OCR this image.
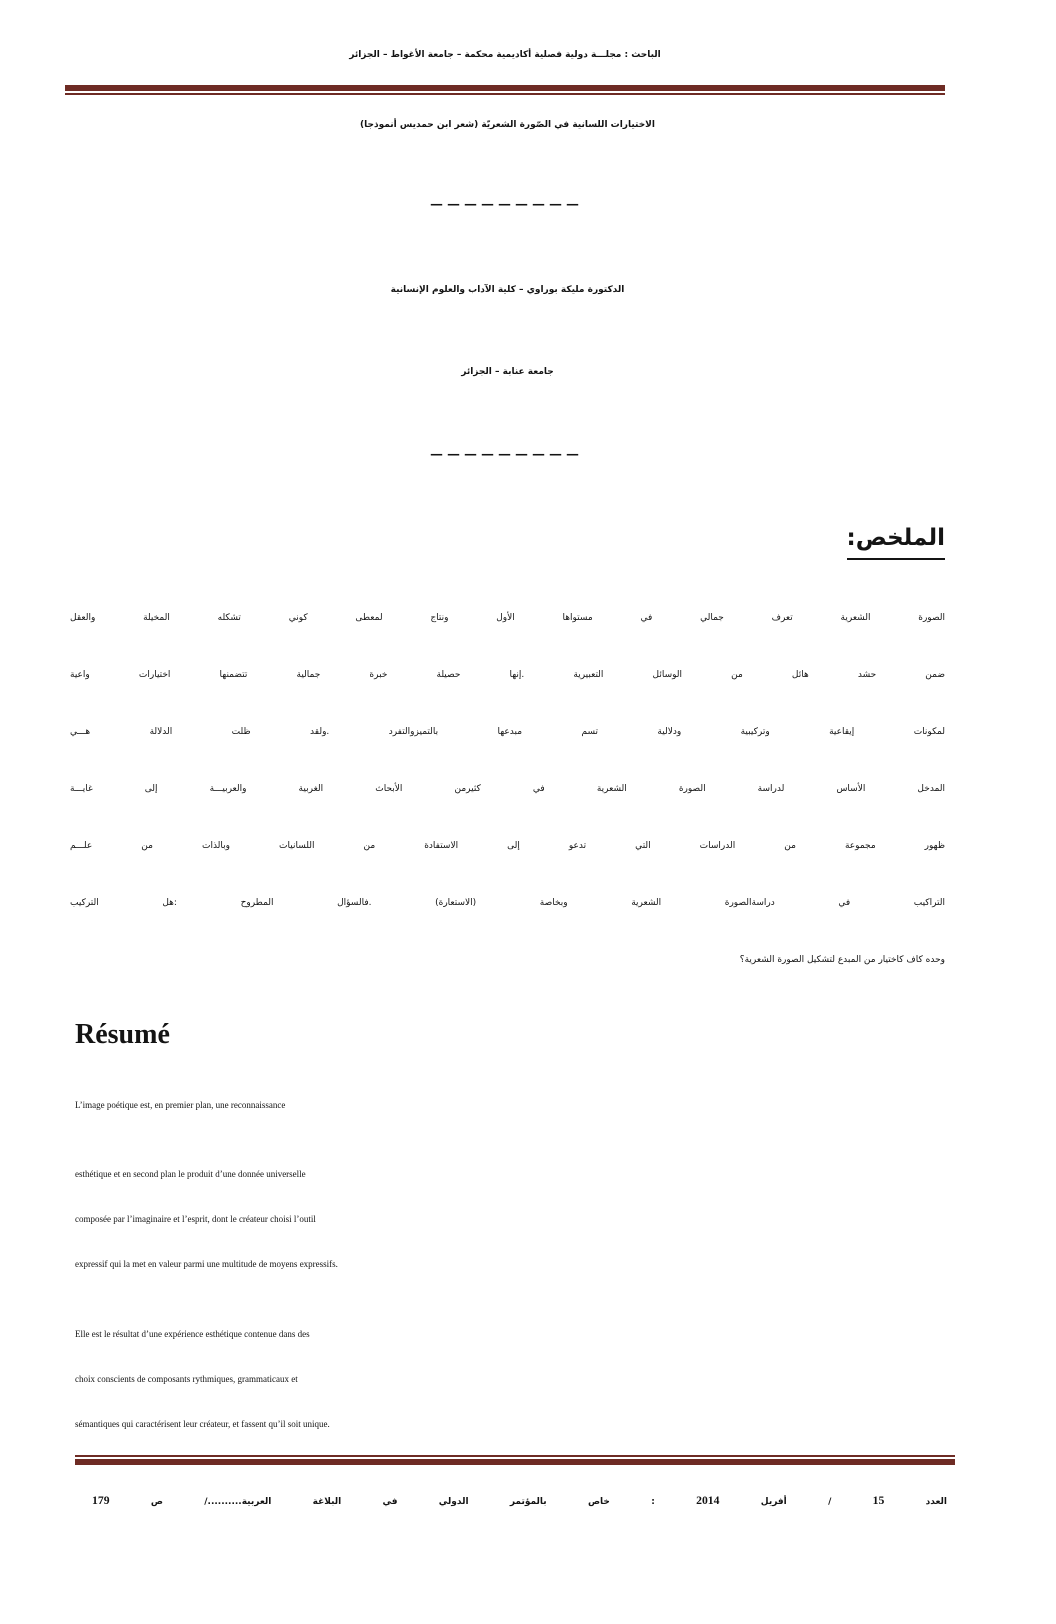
الباحث : مجلـــة دولية فصلية أكاديمية محكمة – جامعة الأغواط – الجزائر
الاختيارات اللسانية في الصّورة الشعريّة (شعر ابن حمديس أنموذجا)
_________
الدكتورة مليكة بوراوي – كلية الآداب والعلوم الإنسانية
جامعة عنابة – الجزائر
_________
الملخص:
الصورة الشعرية تعرف جمالي في مستواها الأول ونتاج لمعطى كوني تشكله المخيلة والعقل
ضمن حشد هائل من الوسائل التعبيرية .إنها حصيلة خبرة جمالية تتضمنها اختيارات واعية
لمكونات إيقاعية وتركيبية ودلالية تسم مبدعها بالتميزوالتفرد .ولقد ظلت الدلالة هـــي
المدخل الأساس لدراسة الصورة الشعرية في كثيرمن الأبحاث الغربية والعربيـــة إلى غايـــة
ظهور مجموعة من الدراسات التي تدعو إلى الاستفادة من اللسانيات وبالذات من علـــم
التراكيب في دراسةالصورة الشعرية وبخاصة (الاستعارة) .فالسؤال المطروح :هل التركيب
وحده كاف كاختيار من المبدع لتشكيل الصورة الشعرية؟
Résumé
L’image poétique est, en premier plan, une reconnaissance
esthétique et en second plan le produit d’une donnée universelle
composée par l’imaginaire et l’esprit, dont le créateur choisi l’outil
expressif qui la met en valeur parmi une multitude de moyens expressifs.
Elle est le résultat d’une expérience esthétique contenue dans des
choix conscients de composants rythmiques, grammaticaux et
sémantiques qui caractérisent leur créateur, et fassent qu’il soit unique.
العدد 15 / أفريل 2014 : خاص بالمؤتمر الدولي في البلاغة العربية........../ ص 179
